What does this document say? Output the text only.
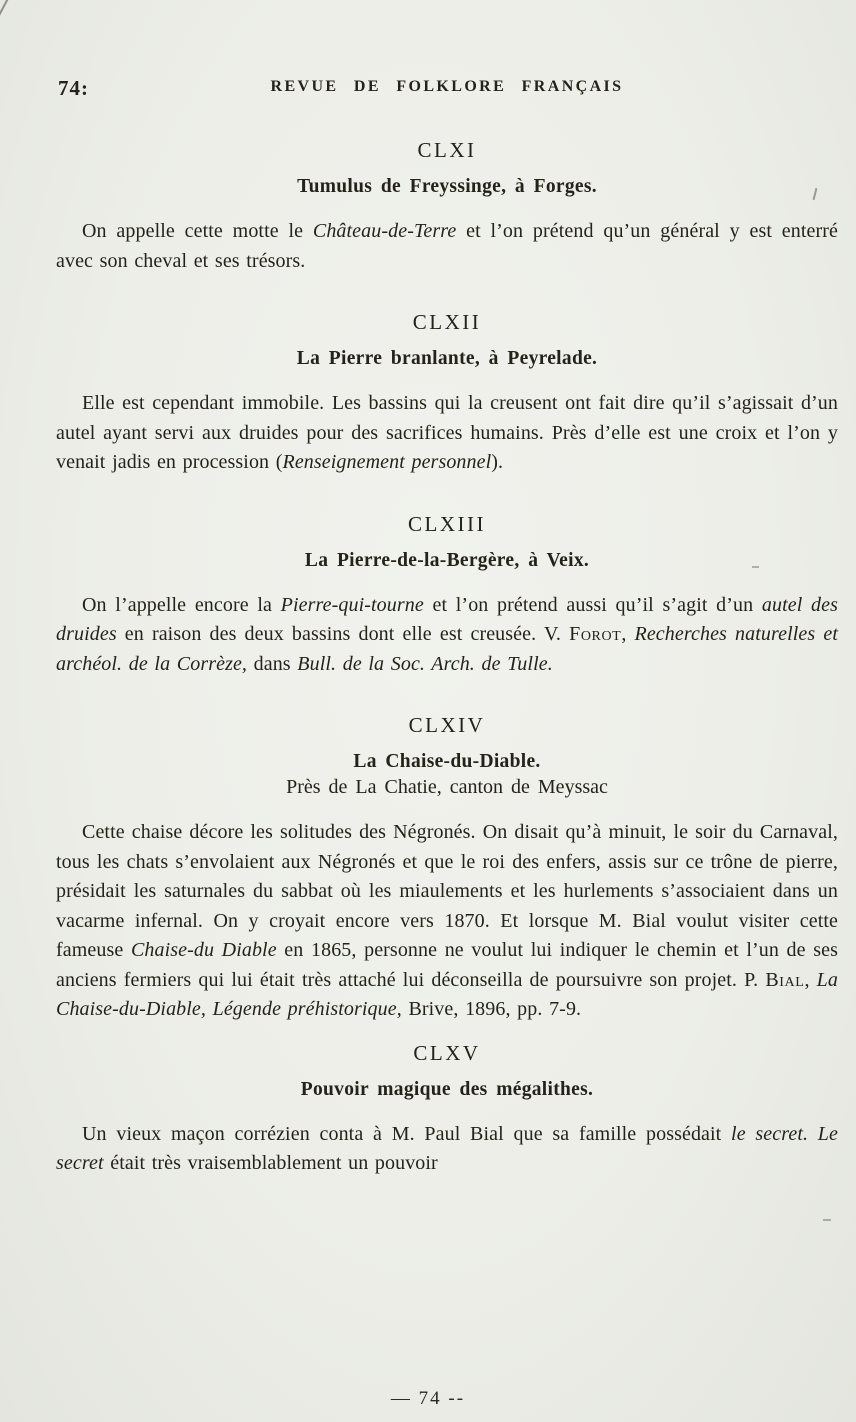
74:	REVUE DE FOLKLORE FRANÇAIS
CLXI
Tumulus de Freyssinge, à Forges.

On appelle cette motte le Château-de-Terre et l’on prétend qu’un général y est enterré avec son cheval et ses trésors.

CLXII
La Pierre branlante, à Peyrelade.

Elle est cependant immobile. Les bassins qui la creusent ont fait dire qu’il s’agissait d’un autel ayant servi aux druides pour des sacrifices humains. Près d’elle est une croix et l’on y venait jadis en procession (Renseignement personnel).

CLXIII
La Pierre-de-la-Bergère, à Veix.

On l’appelle encore la Pierre-qui-tourne et l’on prétend aussi qu’il s’agit d’un autel des druides en raison des deux bassins dont elle est creusée. V. Forot, Recherches naturelles et archéol. de la Corrèze, dans Bull. de la Soc. Arch. de Tulle.

CLXIV
La Chaise-du-Diable.
Près de La Chatie, canton de Meyssac

Cette chaise décore les solitudes des Négronés. On disait qu’à minuit, le soir du Carnaval, tous les chats s’envolaient aux Négronés et que le roi des enfers, assis sur ce trône de pierre, présidait les saturnales du sabbat où les miaulements et les hurlements s’associaient dans un vacarme infernal. On y croyait encore vers 1870. Et lorsque M. Bial voulut visiter cette fameuse Chaise-du Diable en 1865, personne ne voulut lui indiquer le chemin et l’un de ses anciens fermiers qui lui était très attaché lui déconseilla de poursuivre son projet. P. Bial, La Chaise-du-Diable, Légende préhistorique, Brive, 1896, pp. 7-9.

CLXV
Pouvoir magique des mégalithes.

Un vieux maçon corrézien conta à M. Paul Bial que sa famille possédait le secret. Le secret était très vraisemblablement un pouvoir

— 74 --
